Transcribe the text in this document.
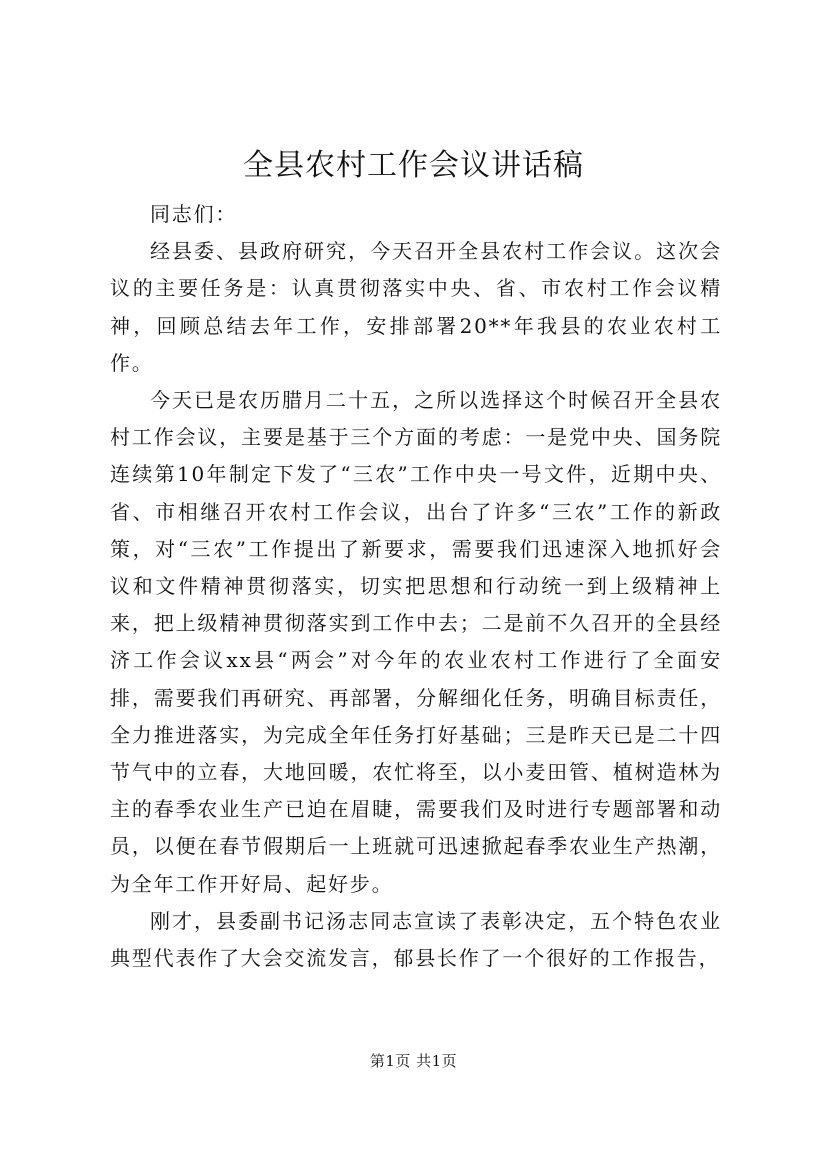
全县农村工作会议讲话稿

同志们：

经县委、县政府研究，今天召开全县农村工作会议。这次会议的主要任务是：认真贯彻落实中央、省、市农村工作会议精神，回顾总结去年工作，安排部署20**年我县的农业农村工作。

今天已是农历腊月二十五，之所以选择这个时候召开全县农村工作会议，主要是基于三个方面的考虑：一是党中央、国务院连续第10年制定下发了“三农”工作中央一号文件，近期中央、省、市相继召开农村工作会议，出台了许多“三农”工作的新政策，对“三农”工作提出了新要求，需要我们迅速深入地抓好会议和文件精神贯彻落实，切实把思想和行动统一到上级精神上来，把上级精神贯彻落实到工作中去；二是前不久召开的全县经济工作会议xx县“两会”对今年的农业农村工作进行了全面安排，需要我们再研究、再部署，分解细化任务，明确目标责任，全力推进落实，为完成全年任务打好基础；三是昨天已是二十四节气中的立春，大地回暖，农忙将至，以小麦田管、植树造林为主的春季农业生产已迫在眉睫，需要我们及时进行专题部署和动员，以便在春节假期后一上班就可迅速掀起春季农业生产热潮，为全年工作开好局、起好步。

刚才，县委副书记汤志同志宣读了表彰决定，五个特色农业典型代表作了大会交流发言，郁县长作了一个很好的工作报告，

第1页 共1页
